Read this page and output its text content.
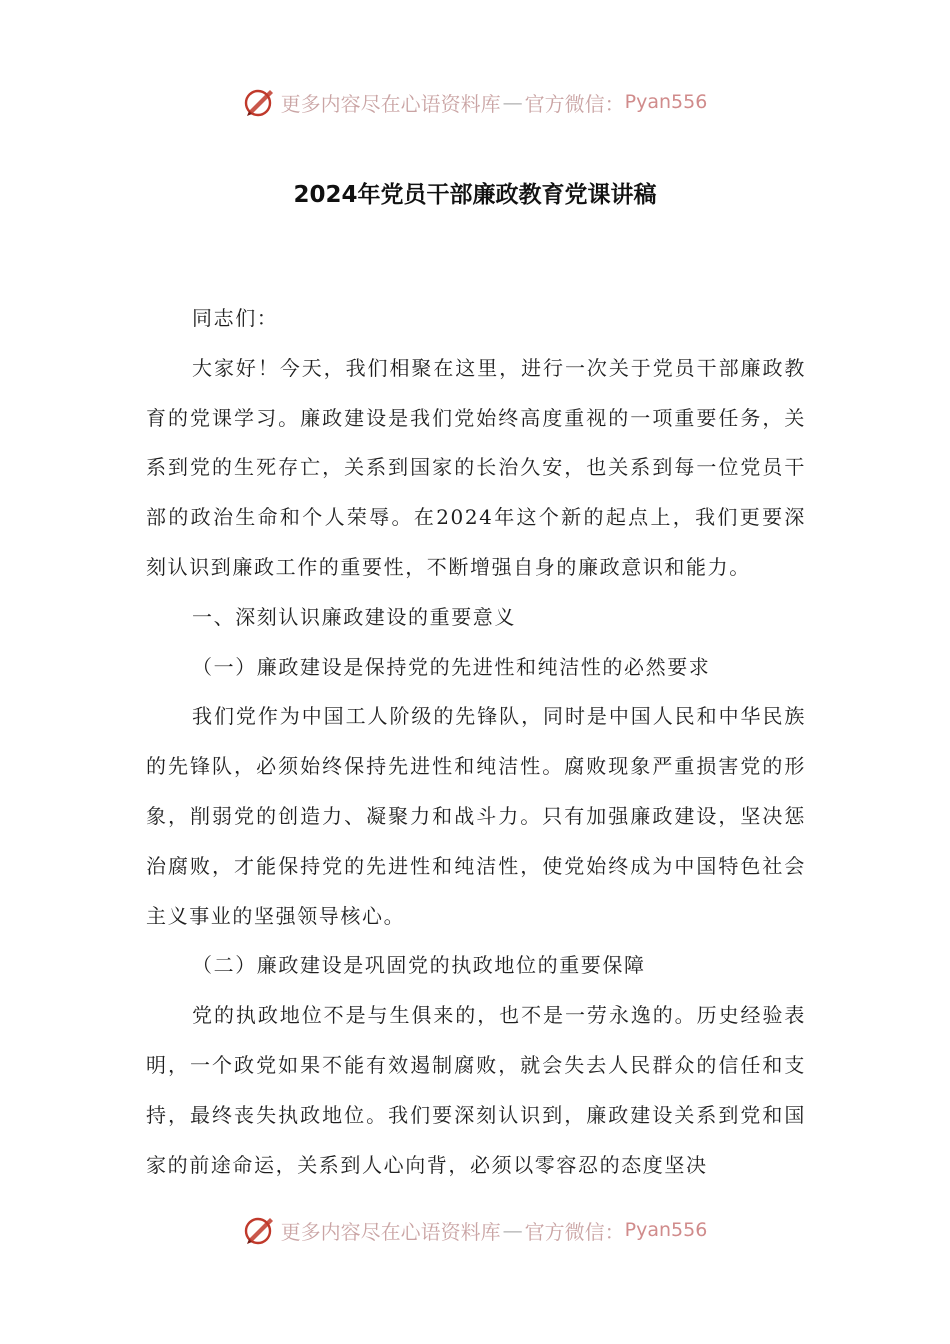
更多内容尽在心语资料库 — 官方微信： Pyan556
2024年党员干部廉政教育党课讲稿

同志们：

大家好！今天，我们相聚在这里，进行一次关于党员干部廉政教育的党课学习。廉政建设是我们党始终高度重视的一项重要任务，关系到党的生死存亡，关系到国家的长治久安，也关系到每一位党员干部的政治生命和个人荣辱。在2024年这个新的起点上，我们更要深刻认识到廉政工作的重要性，不断增强自身的廉政意识和能力。

一、深刻认识廉政建设的重要意义

（一）廉政建设是保持党的先进性和纯洁性的必然要求

我们党作为中国工人阶级的先锋队，同时是中国人民和中华民族的先锋队，必须始终保持先进性和纯洁性。腐败现象严重损害党的形象，削弱党的创造力、凝聚力和战斗力。只有加强廉政建设，坚决惩治腐败，才能保持党的先进性和纯洁性，使党始终成为中国特色社会主义事业的坚强领导核心。

（二）廉政建设是巩固党的执政地位的重要保障

党的执政地位不是与生俱来的，也不是一劳永逸的。历史经验表明，一个政党如果不能有效遏制腐败，就会失去人民群众的信任和支持，最终丧失执政地位。我们要深刻认识到，廉政建设关系到党和国家的前途命运，关系到人心向背，必须以零容忍的态度坚决

更多内容尽在心语资料库 — 官方微信： Pyan556
